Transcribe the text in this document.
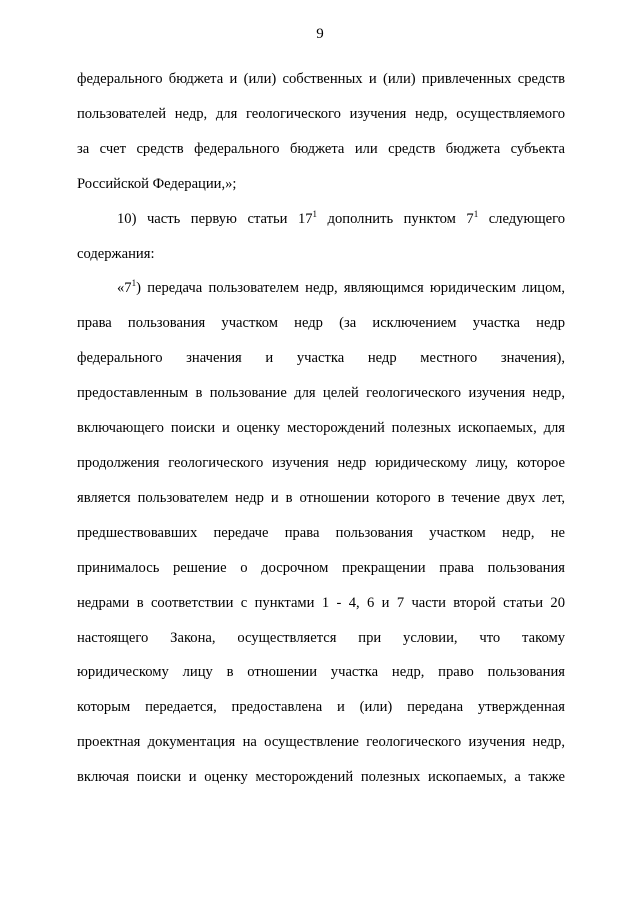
9
федерального бюджета и (или) собственных и (или) привлеченных средств
пользователей недр, для геологического изучения недр, осуществляемого
за счет средств федерального бюджета или средств бюджета субъекта
Российской Федерации,»;
10) часть первую статьи $17^1$ дополнить пунктом $7^1$ следующего
содержания:
«$7^1$) передача пользователем недр, являющимся юридическим лицом,
права пользования участком недр (за исключением участка недр
федерального значения и участка недр местного значения),
предоставленным в пользование для целей геологического изучения недр,
включающего поиски и оценку месторождений полезных ископаемых, для
продолжения геологического изучения недр юридическому лицу, которое
является пользователем недр и в отношении которого в течение двух лет,
предшествовавших передаче права пользования участком недр, не
принималось решение о досрочном прекращении права пользования
недрами в соответствии с пунктами 1 - 4, 6 и 7 части второй статьи 20
настоящего Закона, осуществляется при условии, что такому
юридическому лицу в отношении участка недр, право пользования
которым передается, предоставлена и (или) передана утвержденная
проектная документация на осуществление геологического изучения недр,
включая поиски и оценку месторождений полезных ископаемых, а также
